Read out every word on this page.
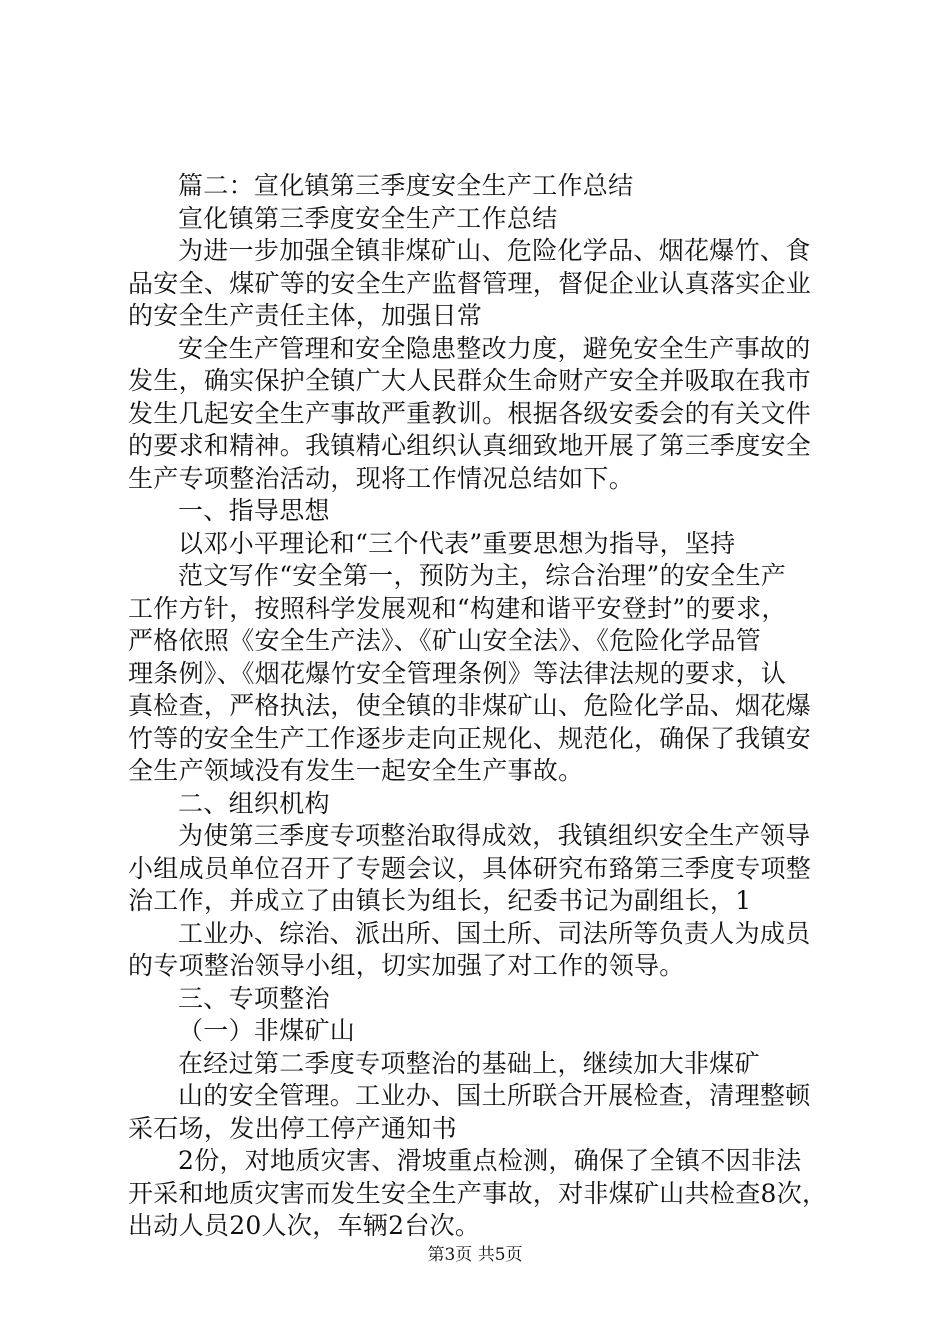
篇二：宣化镇第三季度安全生产工作总结
宣化镇第三季度安全生产工作总结
为进一步加强全镇非煤矿山、危险化学品、烟花爆竹、食
品安全、煤矿等的安全生产监督管理，督促企业认真落实企业
的安全生产责任主体，加强日常
安全生产管理和安全隐患整改力度，避免安全生产事故的
发生，确实保护全镇广大人民群众生命财产安全并吸取在我市
发生几起安全生产事故严重教训。根据各级安委会的有关文件
的要求和精神。我镇精心组织认真细致地开展了第三季度安全
生产专项整治活动，现将工作情况总结如下。
一、指导思想
以邓小平理论和“三个代表”重要思想为指导，坚持
范文写作“安全第一，预防为主，综合治理”的安全生产
工作方针，按照科学发展观和“构建和谐平安登封”的要求，
严格依照《安全生产法》、《矿山安全法》、《危险化学品管
理条例》、《烟花爆竹安全管理条例》等法律法规的要求，认
真检查，严格执法，使全镇的非煤矿山、危险化学品、烟花爆
竹等的安全生产工作逐步走向正规化、规范化，确保了我镇安
全生产领域没有发生一起安全生产事故。
二、组织机构
为使第三季度专项整治取得成效，我镇组织安全生产领导
小组成员单位召开了专题会议，具体研究布臵第三季度专项整
治工作，并成立了由镇长为组长，纪委书记为副组长，1
工业办、综治、派出所、国土所、司法所等负责人为成员
的专项整治领导小组，切实加强了对工作的领导。
三、专项整治
（一）非煤矿山
在经过第二季度专项整治的基础上，继续加大非煤矿
山的安全管理。工业办、国土所联合开展检查，清理整顿
采石场，发出停工停产通知书
2份，对地质灾害、滑坡重点检测，确保了全镇不因非法
开采和地质灾害而发生安全生产事故，对非煤矿山共检查8次，
出动人员20人次，车辆2台次。
第3页 共5页
